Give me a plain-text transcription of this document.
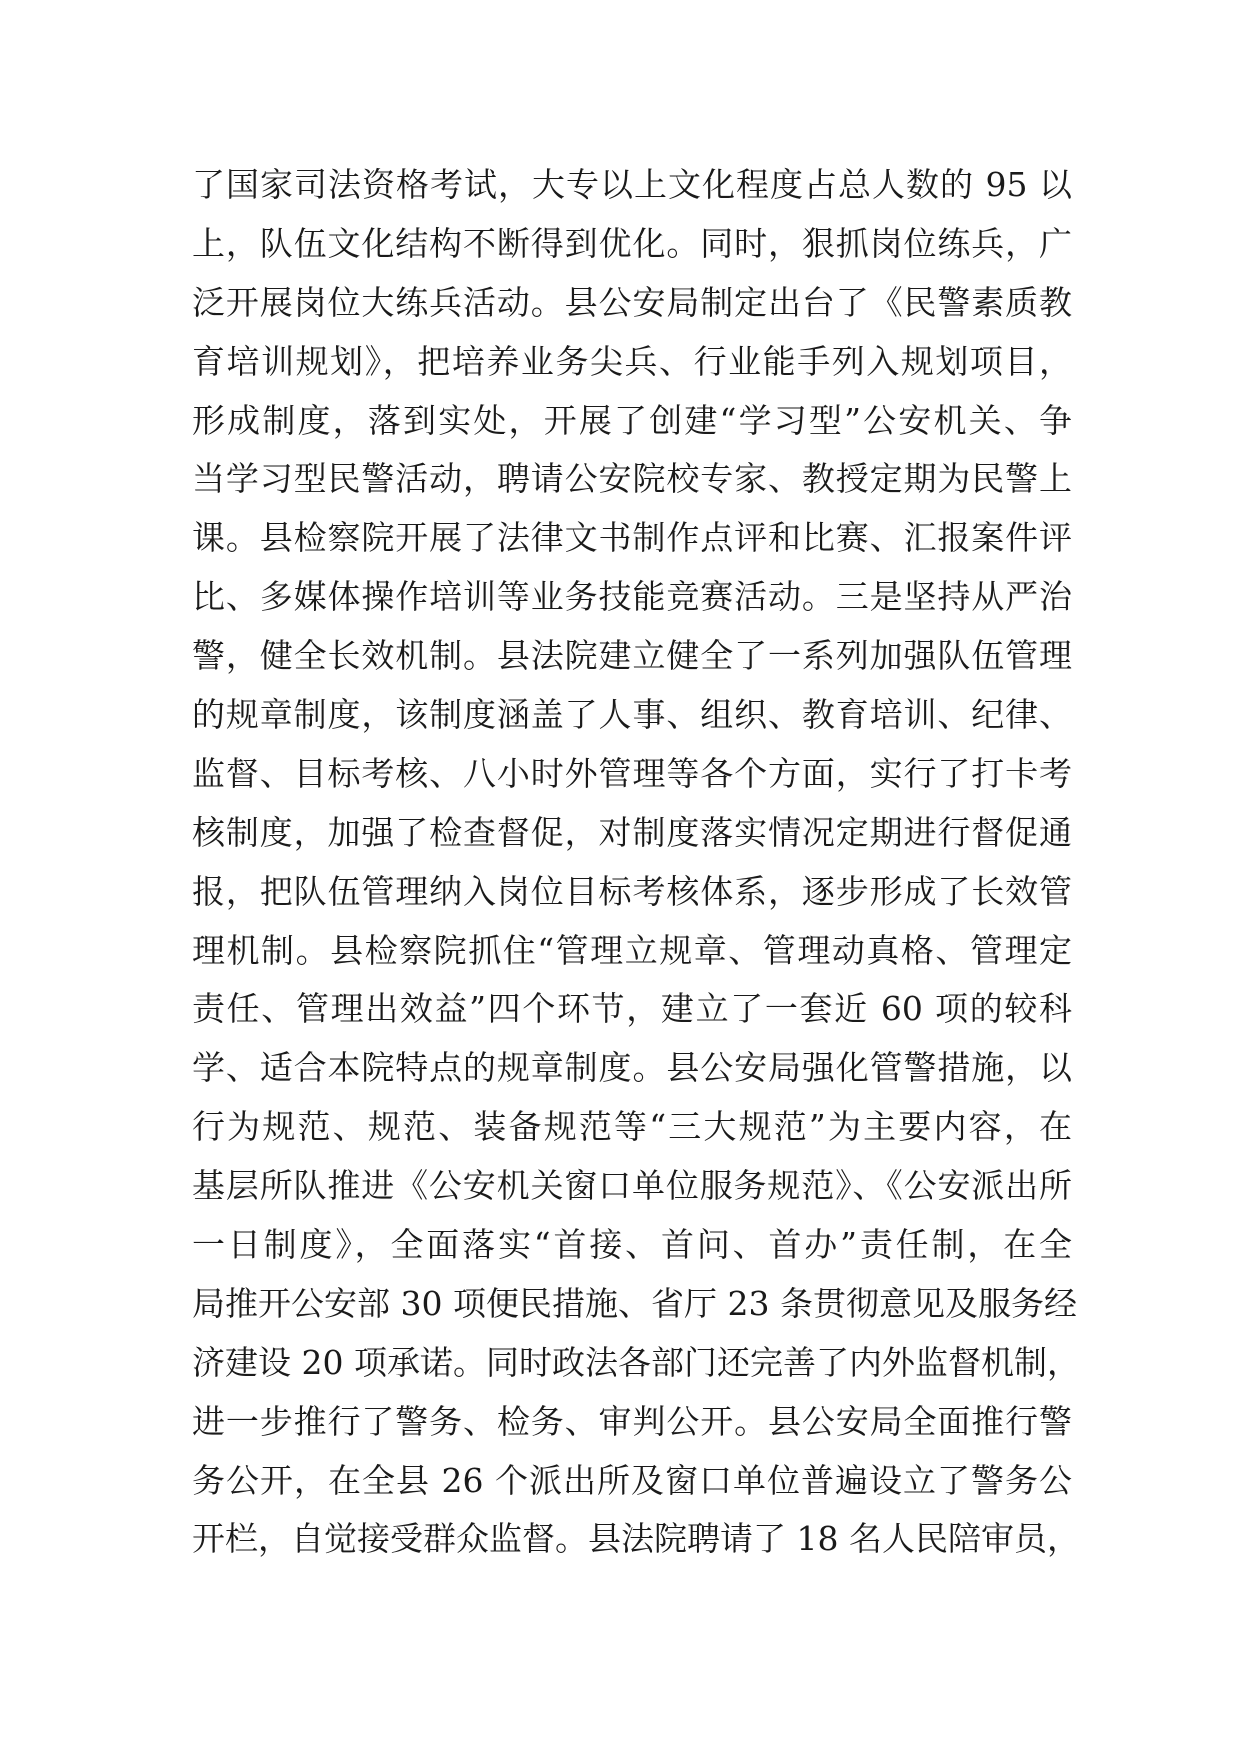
了国家司法资格考试，大专以上文化程度占总人数的 95 以
上，队伍文化结构不断得到优化。同时，狠抓岗位练兵，广
泛开展岗位大练兵活动。县公安局制定出台了《民警素质教
育培训规划》，把培养业务尖兵、行业能手列入规划项目，
形成制度，落到实处，开展了创建“学习型”公安机关、争
当学习型民警活动，聘请公安院校专家、教授定期为民警上
课。县检察院开展了法律文书制作点评和比赛、汇报案件评
比、多媒体操作培训等业务技能竞赛活动。三是坚持从严治
警，健全长效机制。县法院建立健全了一系列加强队伍管理
的规章制度，该制度涵盖了人事、组织、教育培训、纪律、
监督、目标考核、八小时外管理等各个方面，实行了打卡考
核制度，加强了检查督促，对制度落实情况定期进行督促通
报，把队伍管理纳入岗位目标考核体系，逐步形成了长效管
理机制。县检察院抓住“管理立规章、管理动真格、管理定
责任、管理出效益”四个环节，建立了一套近 60 项的较科
学、适合本院特点的规章制度。县公安局强化管警措施，以
行为规范、规范、装备规范等“三大规范”为主要内容，在
基层所队推进《公安机关窗口单位服务规范》、《公安派出所
一日制度》，全面落实“首接、首问、首办”责任制，在全
局推开公安部 30 项便民措施、省厅 23 条贯彻意见及服务经
济建设 20 项承诺。同时政法各部门还完善了内外监督机制，
进一步推行了警务、检务、审判公开。县公安局全面推行警
务公开，在全县 26 个派出所及窗口单位普遍设立了警务公
开栏，自觉接受群众监督。县法院聘请了 18 名人民陪审员，
